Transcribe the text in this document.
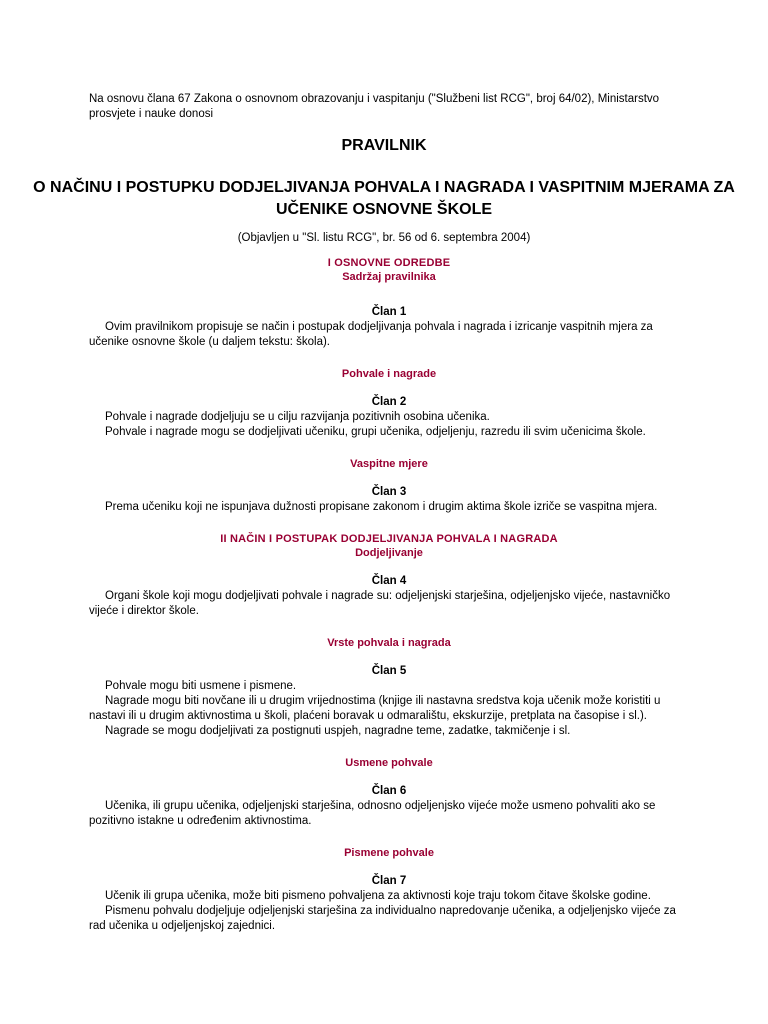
Na osnovu člana 67 Zakona o osnovnom obrazovanju i vaspitanju ("Službeni list RCG", broj 64/02), Ministarstvo prosvjete i nauke donosi
PRAVILNIK
O NAČINU I POSTUPKU DODJELJIVANJA POHVALA I NAGRADA I VASPITNIM MJERAMA ZA UČENIKE OSNOVNE ŠKOLE
(Objavljen u "Sl. listu RCG", br. 56 od 6. septembra 2004)
I OSNOVNE ODREDBE
Sadržaj pravilnika
Član 1

Ovim pravilnikom propisuje se način i postupak dodjeljivanja pohvala i nagrada i izricanje vaspitnih mjera za učenike osnovne škole (u daljem tekstu: škola).

Pohvale i nagrade
Član 2

Pohvale i nagrade dodjeljuju se u cilju razvijanja pozitivnih osobina učenika.

Pohvale i nagrade mogu se dodjeljivati učeniku, grupi učenika, odjeljenju, razredu ili svim učenicima škole.

Vaspitne mjere
Član 3

Prema učeniku koji ne ispunjava dužnosti propisane zakonom i drugim aktima škole izriče se vaspitna mjera.

II NAČIN I POSTUPAK DODJELJIVANJA POHVALA I NAGRADA
Dodjeljivanje
Član 4

Organi škole koji mogu dodjeljivati pohvale i nagrade su: odjeljenjski starješina, odjeljenjsko vijeće, nastavničko vijeće i direktor škole.

Vrste pohvala i nagrada
Član 5

Pohvale mogu biti usmene i pismene.

Nagrade mogu biti novčane ili u drugim vrijednostima (knjige ili nastavna sredstva koja učenik može koristiti u nastavi ili u drugim aktivnostima u školi, plaćeni boravak u odmaralištu, ekskurzije, pretplata na časopise i sl.).

Nagrade se mogu dodjeljivati za postignuti uspjeh, nagradne teme, zadatke, takmičenje i sl.

Usmene pohvale
Član 6

Učenika, ili grupu učenika, odjeljenjski starješina, odnosno odjeljenjsko vijeće može usmeno pohvaliti ako se pozitivno istakne u određenim aktivnostima.

Pismene pohvale
Član 7

Učenik ili grupa učenika, može biti pismeno pohvaljena za aktivnosti koje traju tokom čitave školske godine.

Pismenu pohvalu dodjeljuje odjeljenjski starješina za individualno napredovanje učenika, a odjeljenjsko vijeće za rad učenika u odjeljenjskoj zajednici.
